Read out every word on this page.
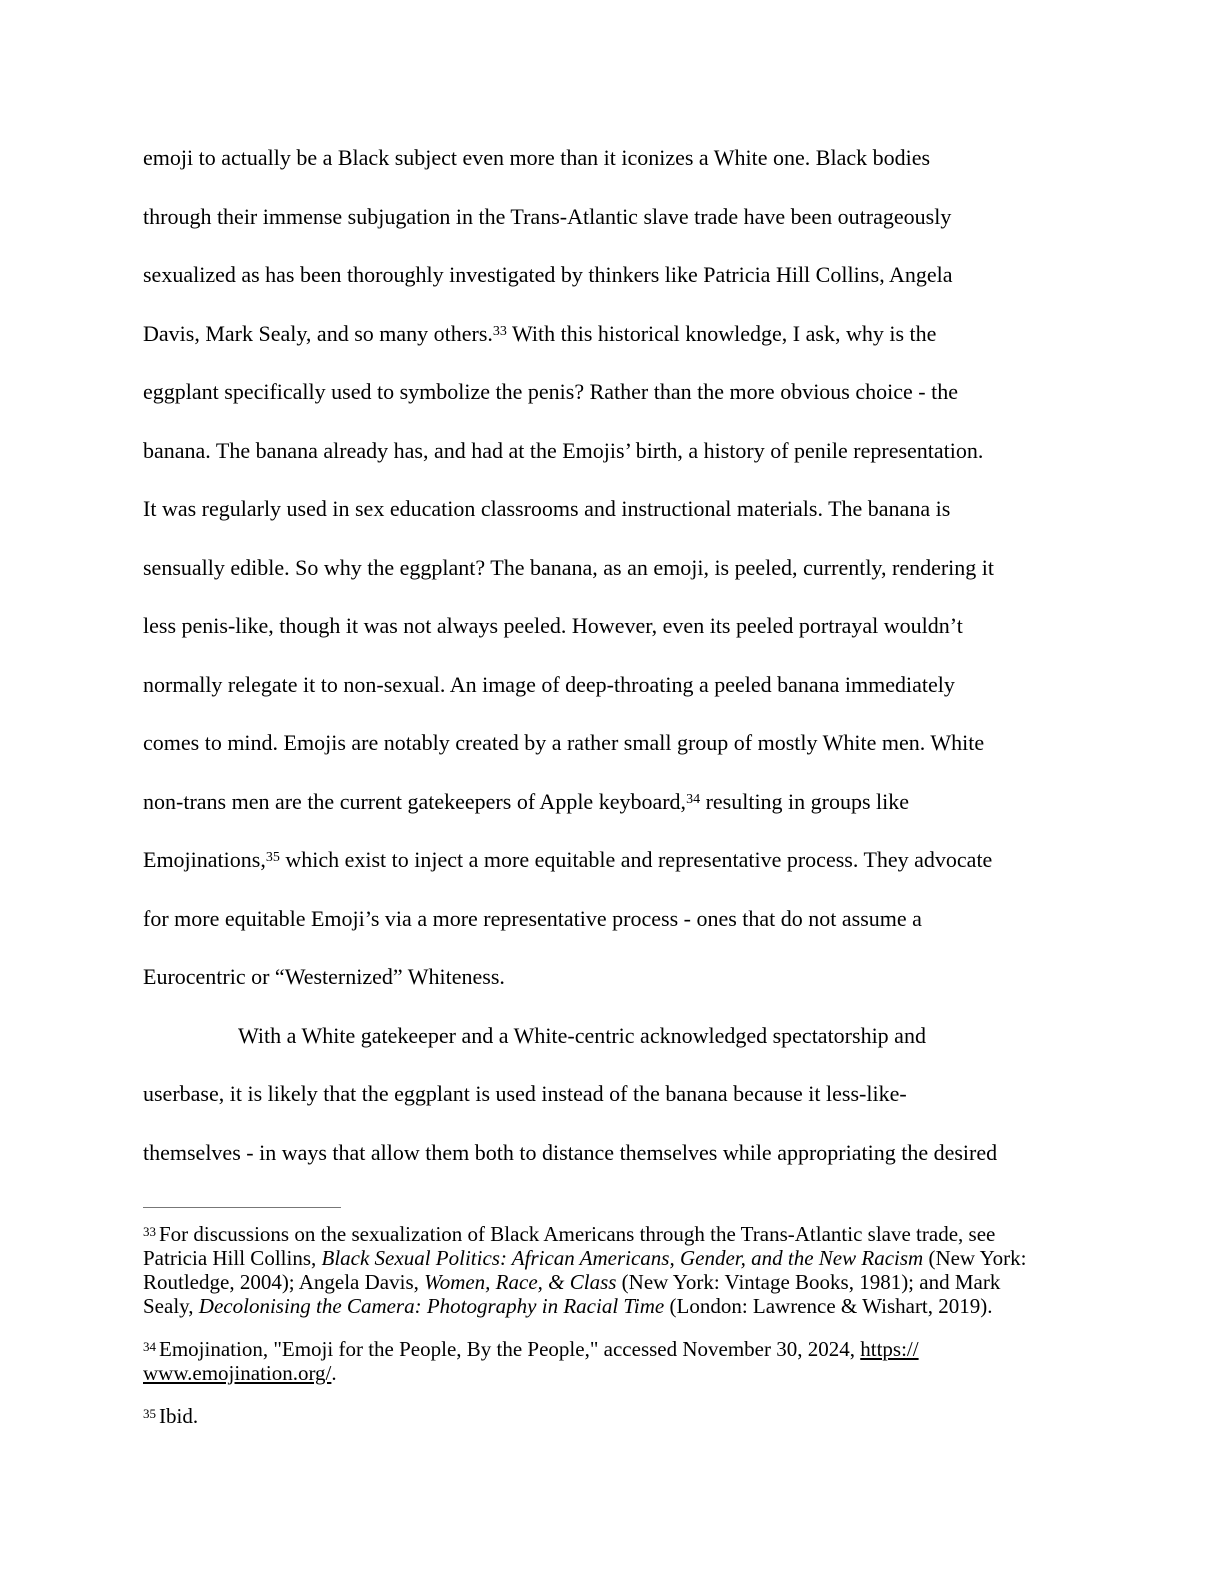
emoji to actually be a Black subject even more than it iconizes a White one. Black bodies
through their immense subjugation in the Trans-Atlantic slave trade have been outrageously
sexualized as has been thoroughly investigated by thinkers like Patricia Hill Collins, Angela
Davis, Mark Sealy, and so many others.$^{33}$ With this historical knowledge, I ask, why is the
eggplant specifically used to symbolize the penis? Rather than the more obvious choice - the
banana. The banana already has, and had at the Emojis’ birth, a history of penile representation.
It was regularly used in sex education classrooms and instructional materials. The banana is
sensually edible. So why the eggplant? The banana, as an emoji, is peeled, currently, rendering it
less penis-like, though it was not always peeled. However, even its peeled portrayal wouldn’t
normally relegate it to non-sexual. An image of deep-throating a peeled banana immediately
comes to mind. Emojis are notably created by a rather small group of mostly White men. White
non-trans men are the current gatekeepers of Apple keyboard,$^{34}$ resulting in groups like
Emojinations,$^{35}$ which exist to inject a more equitable and representative process. They advocate
for more equitable Emoji’s via a more representative process - ones that do not assume a
Eurocentric or “Westernized” Whiteness.
With a White gatekeeper and a White-centric acknowledged spectatorship and
userbase, it is likely that the eggplant is used instead of the banana because it less-like-
themselves - in ways that allow them both to distance themselves while appropriating the desired
$^{33}$ For discussions on the sexualization of Black Americans through the Trans-Atlantic slave trade, see
Patricia Hill Collins, Black Sexual Politics: African Americans, Gender, and the New Racism (New York:
Routledge, 2004); Angela Davis, Women, Race, & Class (New York: Vintage Books, 1981); and Mark
Sealy, Decolonising the Camera: Photography in Racial Time (London: Lawrence & Wishart, 2019).
$^{34}$ Emojination, "Emoji for the People, By the People," accessed November 30, 2024, https://
www.emojination.org/.
$^{35}$ Ibid.
